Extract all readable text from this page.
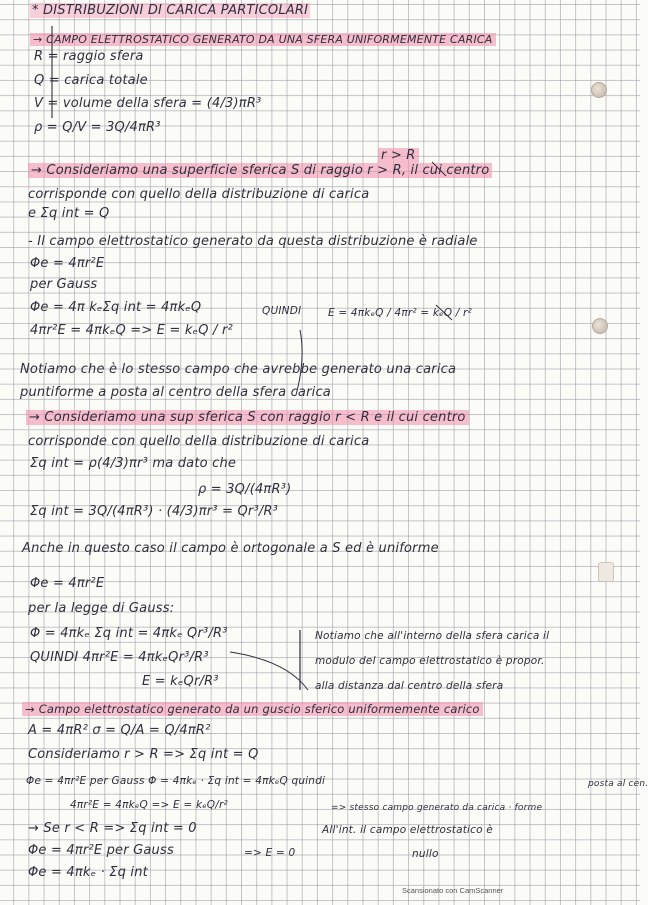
* DISTRIBUZIONI DI CARICA PARTICOLARI
→ CAMPO ELETTROSTATICO GENERATO DA UNA SFERA UNIFORMEMENTE CARICA
R = raggio sfera
Q = carica totale
V = volume della sfera = (4/3)πR³
ρ = Q/V = 3Q/4πR³
r > R
→ Consideriamo una superficie sferica S di raggio r > R, il cui centro
corrisponde con quello della distribuzione di carica
e Σq int = Q
- Il campo elettrostatico generato da questa distribuzione è radiale
Φe = 4πr²E
per Gauss
Φe = 4π kₑΣq int = 4πkₑQ	QUINDI	E = 4πkₑQ / 4πr² = kₑQ / r²
4πr²E = 4πkₑQ => E = kₑQ / r²
Notiamo che è lo stesso campo che avrebbe generato una carica
puntiforme a posta al centro della sfera carica
→ Consideriamo una sup sferica S con raggio r < R e il cui centro
corrisponde con quello della distribuzione di carica
Σq int = ρ(4/3)πr³ ma dato che
ρ = 3Q/(4πR³)
Σq int = 3Q/(4πR³) · (4/3)πr³ = Qr³/R³
Anche in questo caso il campo è ortogonale a S ed è uniforme
Φe = 4πr²E
per la legge di Gauss:
Φ = 4πkₑ Σq int = 4πkₑ Qr³/R³	Notiamo che all'interno della sfera carica il
QUINDI 4πr²E = 4πkₑQr³/R³	modulo del campo elettrostatico è propor.
E = kₑQr/R³	alla distanza dal centro della sfera
→ Campo elettrostatico generato da un guscio sferico uniformemente carico
A = 4πR² σ = Q/A = Q/4πR²
Consideriamo r > R => Σq int = Q
Φe = 4πr²E per Gauss Φ = 4πkₑ · Σq int = 4πkₑQ quindi	posta al cen.
4πr²E = 4πkₑQ => E = kₑQ/r²	=> stesso campo generato da carica · forme
→ Se r < R => Σq int = 0	All'int. il campo elettrostatico è
Φe = 4πr²E per Gauss	=> E = 0	nullo
Φe = 4πkₑ · Σq int
Scansionato con CamScanner
